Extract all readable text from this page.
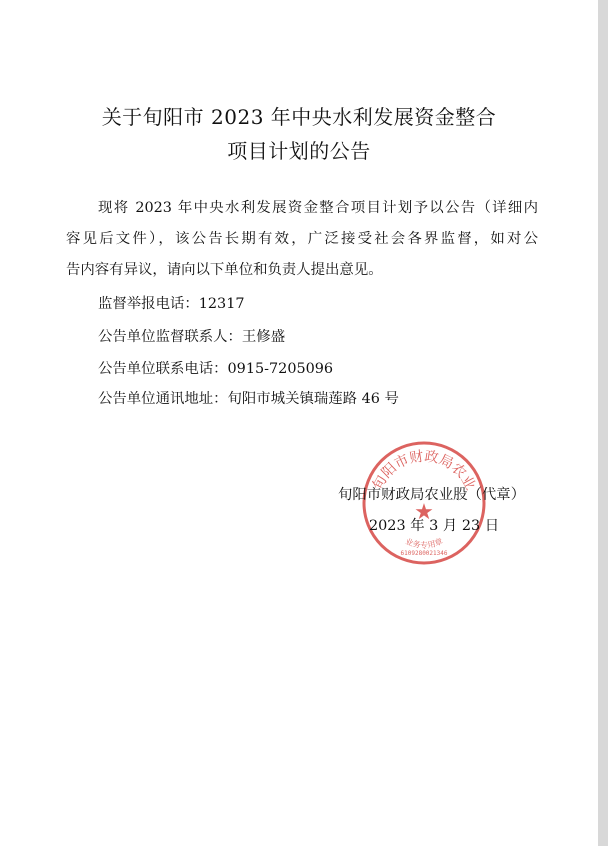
关于旬阳市 2023 年中央水利发展资金整合
项目计划的公告
现将 2023 年中央水利发展资金整合项目计划予以公告（详细内
容见后文件），该公告长期有效，广泛接受社会各界监督，如对公
告内容有异议，请向以下单位和负责人提出意见。
监督举报电话：12317
公告单位监督联系人：王修盛
公告单位联系电话：0915-7205096
公告单位通讯地址：旬阳市城关镇瑞莲路 46 号
旬阳市财政局农业
★
业务专用章
6109280021346
旬阳市财政局农业股（代章）
2023 年 3 月 23 日
